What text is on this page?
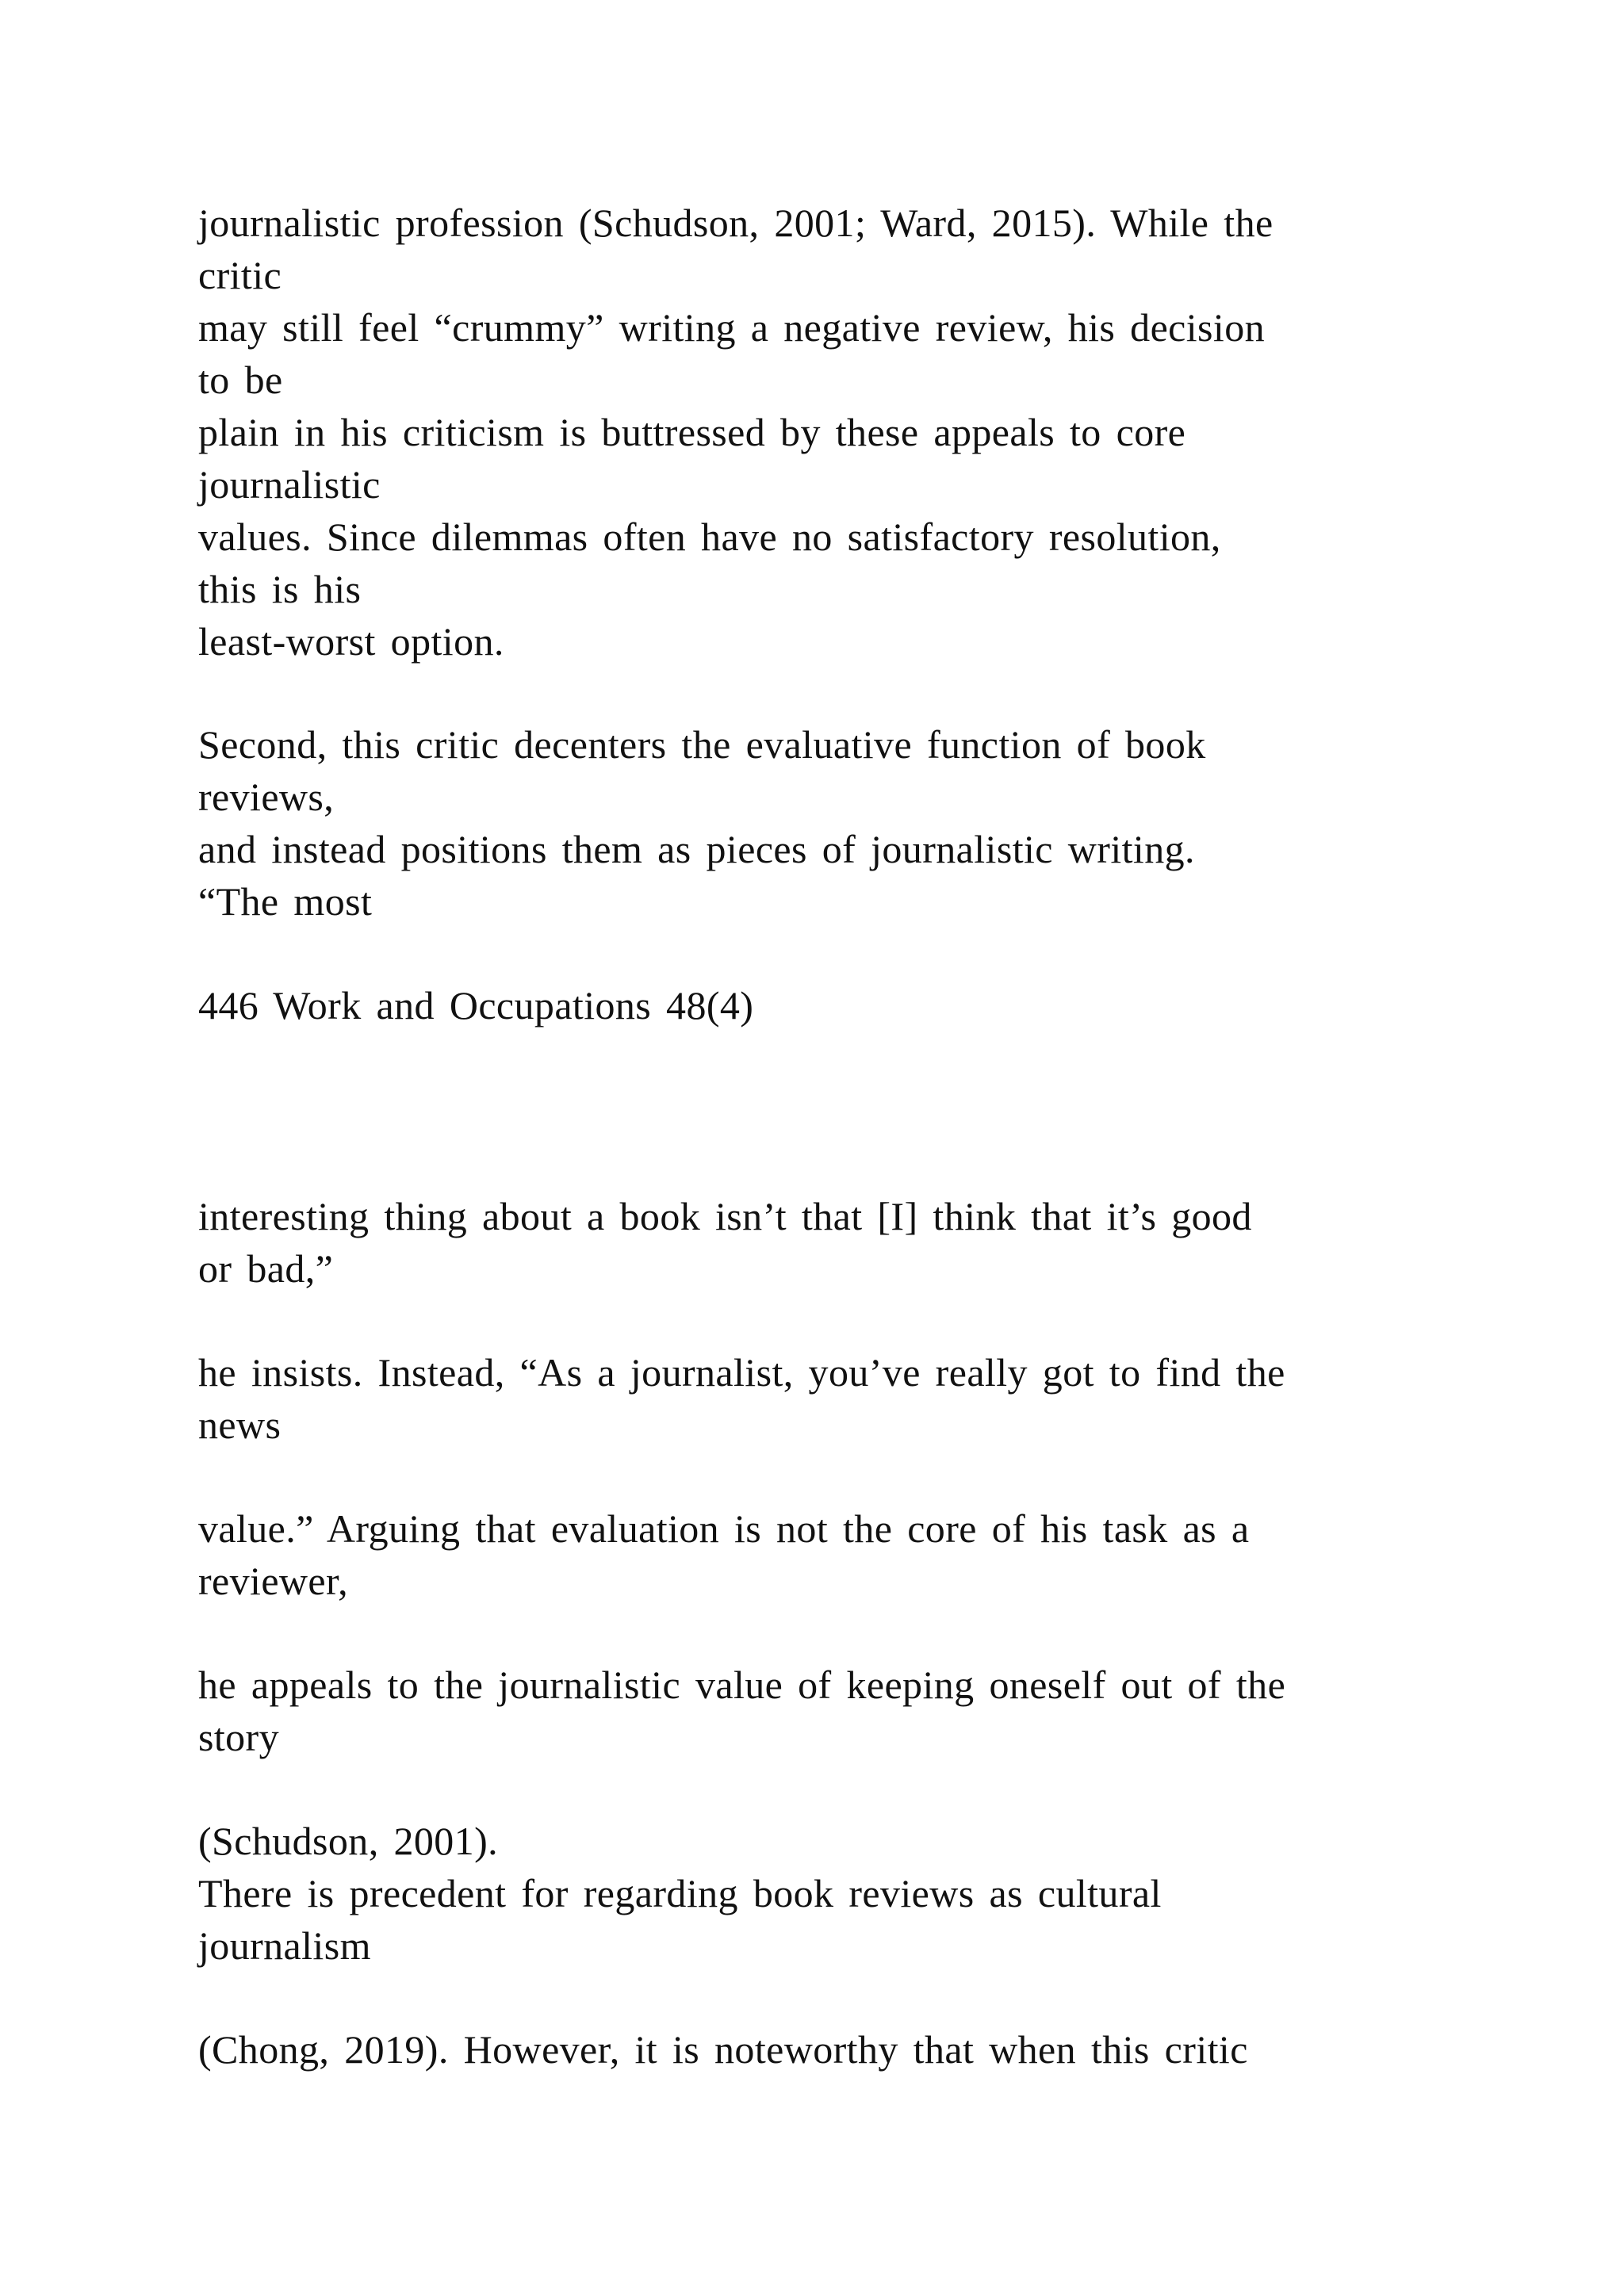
journalistic profession (Schudson, 2001; Ward, 2015). While the
critic
may still feel “crummy” writing a negative review, his decision
to be
plain in his criticism is buttressed by these appeals to core
journalistic
values. Since dilemmas often have no satisfactory resolution,
this is his
least-worst option.
Second, this critic decenters the evaluative function of book
reviews,
and instead positions them as pieces of journalistic writing.
“The most
446 Work and Occupations 48(4)
interesting thing about a book isn’t that [I] think that it’s good
or bad,”
he insists. Instead, “As a journalist, you’ve really got to find the
news
value.” Arguing that evaluation is not the core of his task as a
reviewer,
he appeals to the journalistic value of keeping oneself out of the
story
(Schudson, 2001).
There is precedent for regarding book reviews as cultural
journalism
(Chong, 2019). However, it is noteworthy that when this critic
